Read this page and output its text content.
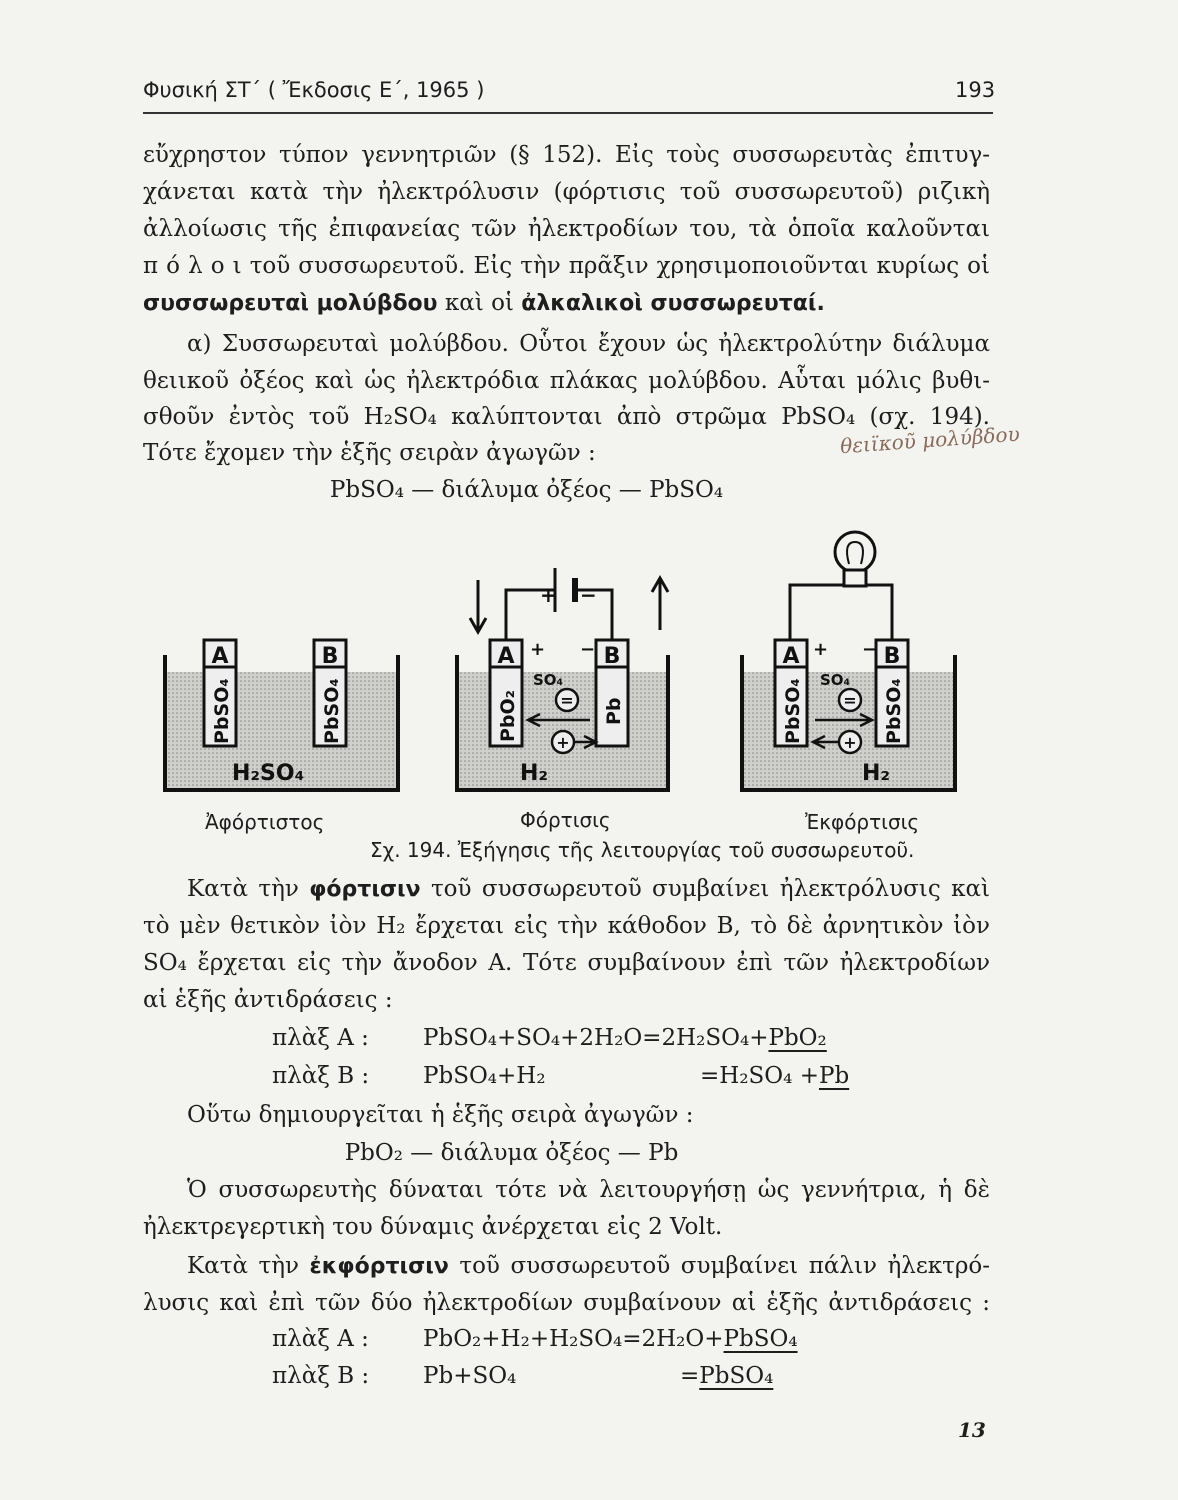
Φυσική ΣΤ΄ ( Ἔκδοσις Ε΄, 1965 )	193
εὔχρηστον τύπον γεννητριῶν (§ 152). Εἰς τοὺς συσσωρευτὰς ἐπιτυγ-
χάνεται κατὰ τὴν ἠλεκτρόλυσιν (φόρτισις τοῦ συσσωρευτοῦ) ριζικὴ
ἀλλοίωσις τῆς ἐπιφανείας τῶν ἠλεκτροδίων του, τὰ ὁποῖα καλοῦνται
π ό λ ο ι τοῦ συσσωρευτοῦ. Εἰς τὴν πρᾶξιν χρησιμοποιοῦνται κυρίως οἱ
συσσωρευταὶ μολύβδου καὶ οἱ ἀλκαλικοὶ συσσωρευταί.
α) Συσσωρευταὶ μολύβδου. Οὗτοι ἔχουν ὡς ἠλεκτρολύτην διάλυμα
θειικοῦ ὀξέος καὶ ὡς ἠλεκτρόδια πλάκας μολύβδου. Αὗται μόλις βυθι-
σθοῦν ἐντὸς τοῦ H₂SO₄ καλύπτονται ἀπὸ στρῶμα PbSO₄ (σχ. 194).
Τότε ἔχομεν τὴν ἑξῆς σειρὰν ἀγωγῶν :	θειϊκοῦ μολύβδου
PbSO₄ — διάλυμα ὀξέος — PbSO₄
A	B
PbSO₄	PbSO₄
H₂SO₄
+ −
A	B
+ −
PbO₂	Pb
SO₄
=
+
H₂
A	B
+ −
PbSO₄	PbSO₄
SO₄
=
+
H₂
Ἀφόρτιστος	Φόρτισις	Ἐκφόρτισις
Σχ. 194. Ἐξήγησις τῆς λειτουργίας τοῦ συσσωρευτοῦ.
Κατὰ τὴν φόρτισιν τοῦ συσσωρευτοῦ συμβαίνει ἠλεκτρόλυσις καὶ
τὸ μὲν θετικὸν ἰὸν H₂ ἔρχεται εἰς τὴν κάθοδον B, τὸ δὲ ἀρνητικὸν ἰὸν
SO₄ ἔρχεται εἰς τὴν ἄνοδον A. Τότε συμβαίνουν ἐπὶ τῶν ἠλεκτροδίων
αἱ ἑξῆς ἀντιδράσεις :
πλὰξ A : PbSO₄+SO₄+2H₂O=2H₂SO₄+PbO₂
πλὰξ B : PbSO₄+H₂	=H₂SO₄ +Pb
Οὕτω δημιουργεῖται ἡ ἑξῆς σειρὰ ἀγωγῶν :
PbO₂ — διάλυμα ὀξέος — Pb
Ὁ συσσωρευτὴς δύναται τότε νὰ λειτουργήσῃ ὡς γεννήτρια, ἡ δὲ
ἠλεκτρεγερτικὴ του δύναμις ἀνέρχεται εἰς 2 Volt.
Κατὰ τὴν ἐκφόρτισιν τοῦ συσσωρευτοῦ συμβαίνει πάλιν ἠλεκτρό-
λυσις καὶ ἐπὶ τῶν δύο ἠλεκτροδίων συμβαίνουν αἱ ἑξῆς ἀντιδράσεις :
πλὰξ A : PbO₂+H₂+H₂SO₄=2H₂O+PbSO₄
πλὰξ B : Pb+SO₄	=PbSO₄
13
